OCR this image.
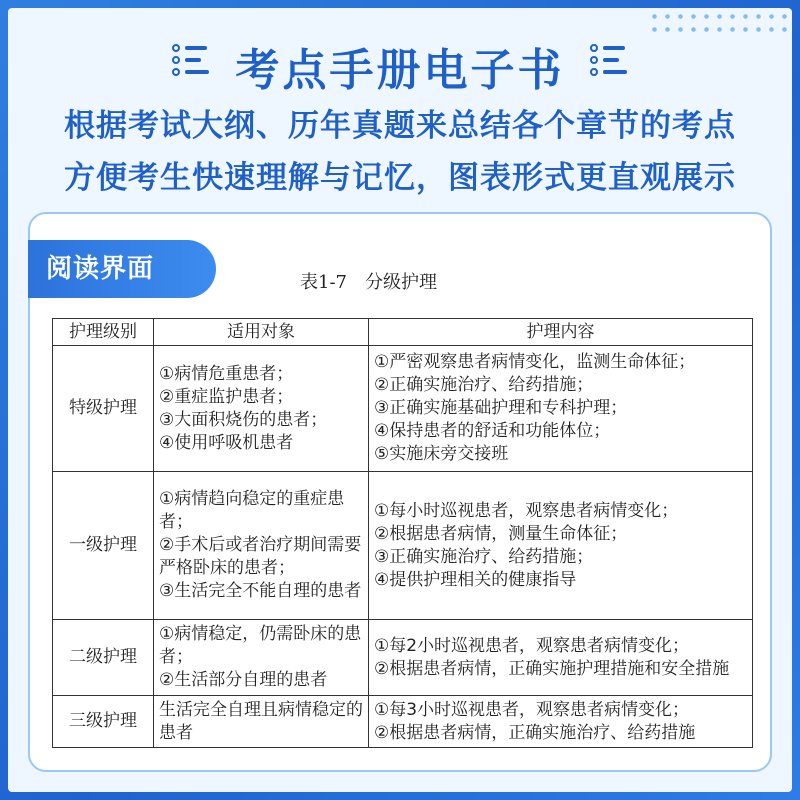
考点手册电子书
根据考试大纲、历年真题来总结各个章节的考点
方便考生快速理解与记忆，图表形式更直观展示
阅读界面	表1-7　分级护理
护理级别	适用对象	护理内容
特级护理	①病情危重患者；
②重症监护患者；
③大面积烧伤的患者；
④使用呼吸机患者	①严密观察患者病情变化，监测生命体征；
②正确实施治疗、给药措施；
③正确实施基础护理和专科护理；
④保持患者的舒适和功能体位；
⑤实施床旁交接班

一级护理	①病情趋向稳定的重症患者；
②手术后或者治疗期间需要严格卧床的患者；
③生活完全不能自理的患者	①每小时巡视患者，观察患者病情变化；
②根据患者病情，测量生命体征；
③正确实施治疗、给药措施；
④提供护理相关的健康指导

二级护理	①病情稳定，仍需卧床的患者；
②生活部分自理的患者	①每2小时巡视患者，观察患者病情变化；
②根据患者病情，正确实施护理措施和安全措施

三级护理	生活完全自理且病情稳定的患者	①每3小时巡视患者，观察患者病情变化；
②根据患者病情，正确实施治疗、给药措施
